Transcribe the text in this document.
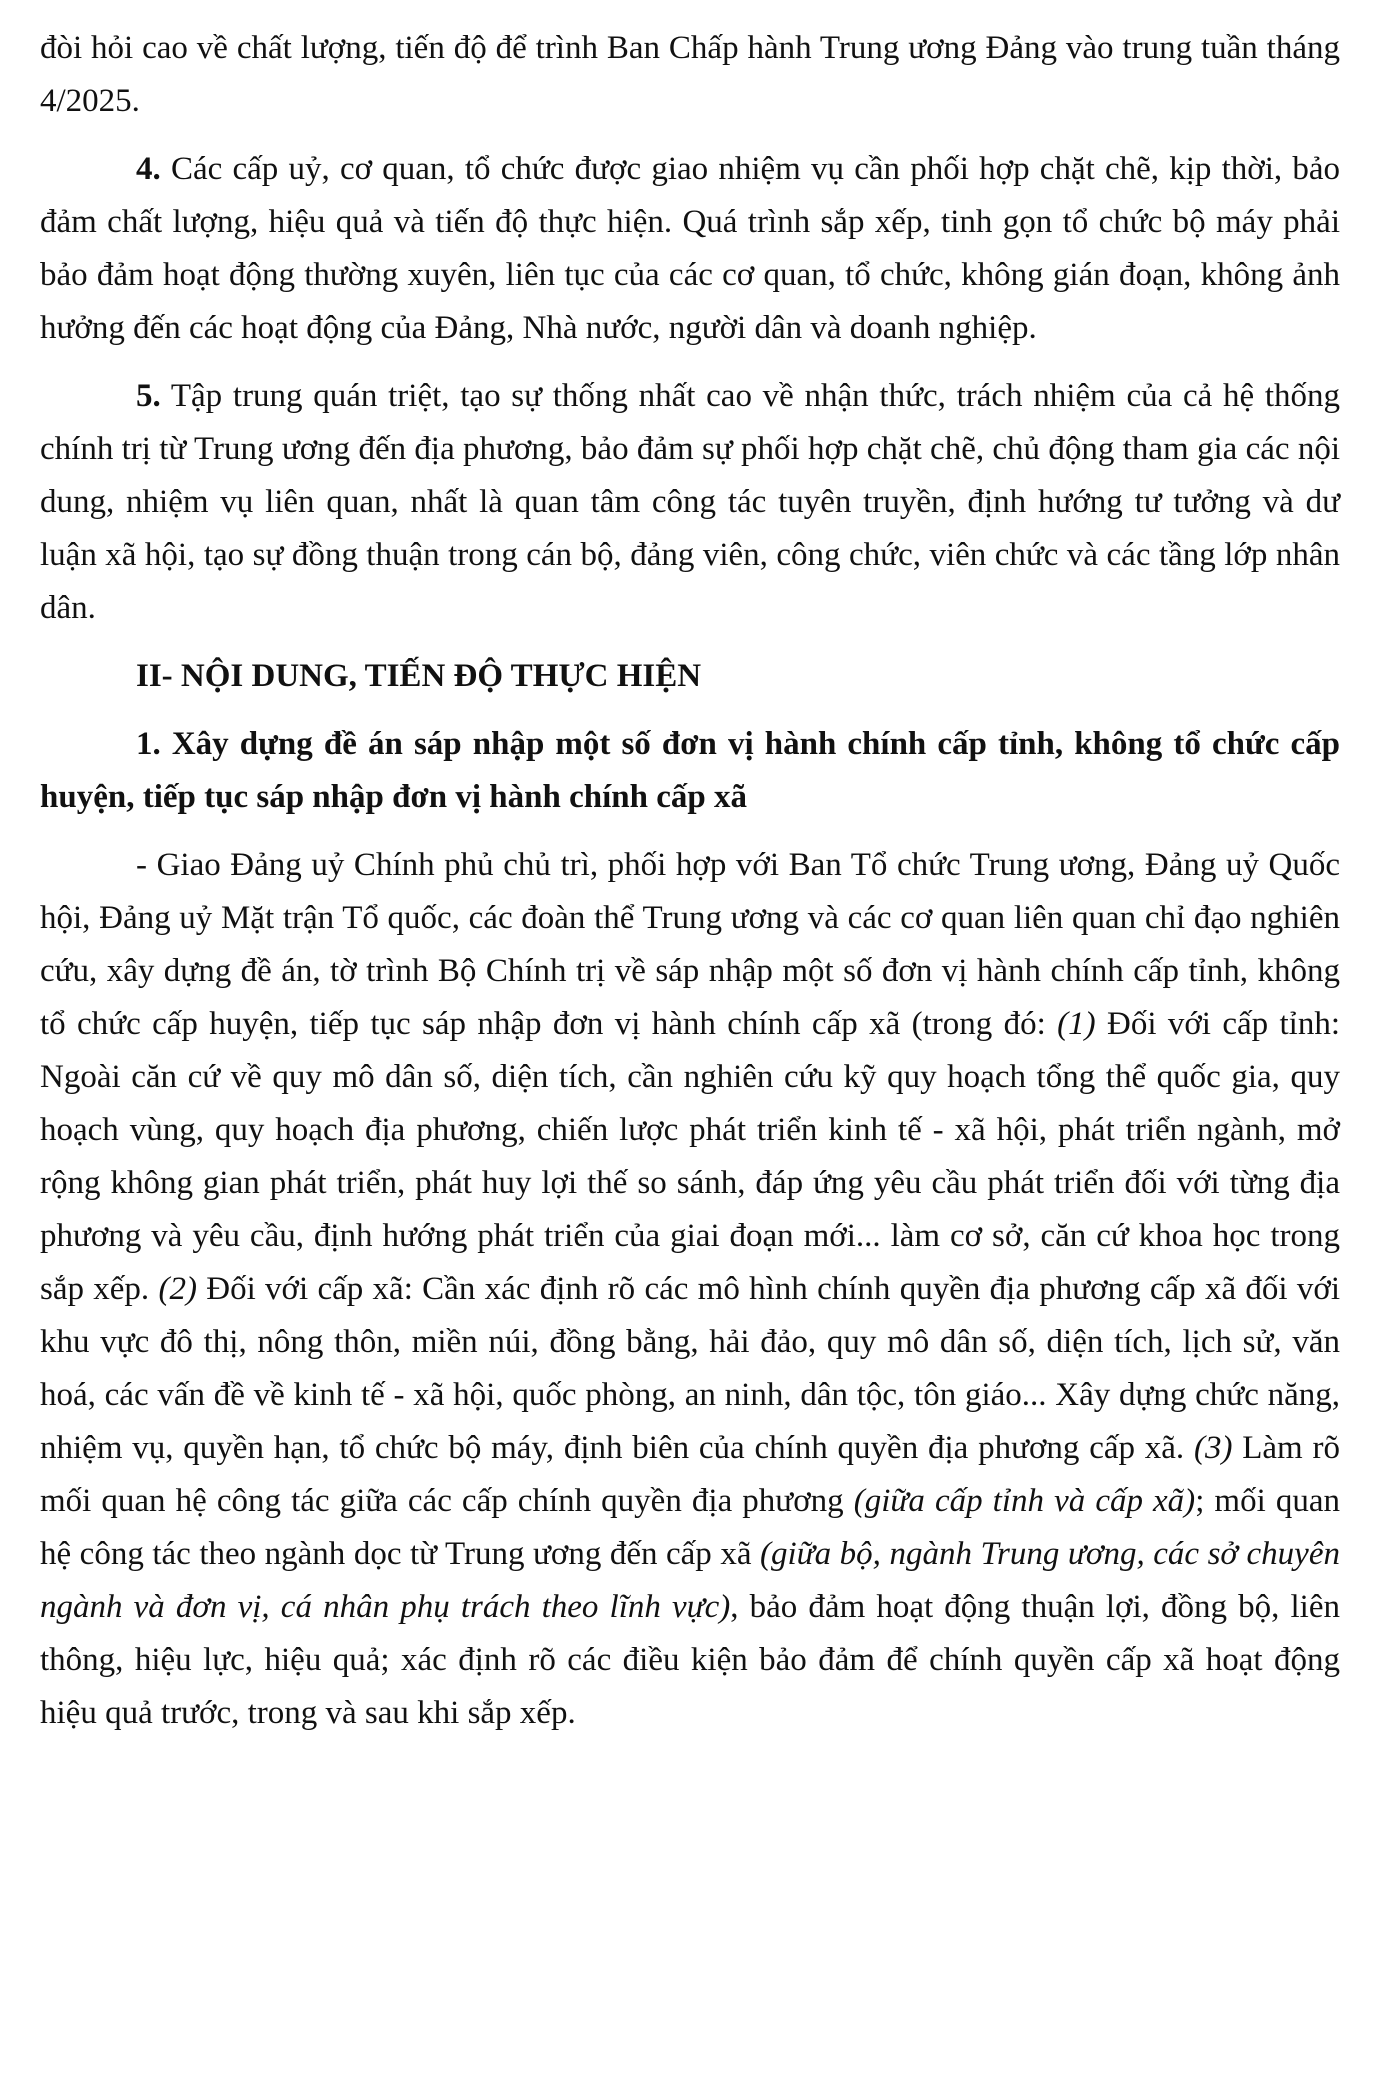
đòi hỏi cao về chất lượng, tiến độ để trình Ban Chấp hành Trung ương Đảng vào trung tuần tháng 4/2025.

4. Các cấp uỷ, cơ quan, tổ chức được giao nhiệm vụ cần phối hợp chặt chẽ, kịp thời, bảo đảm chất lượng, hiệu quả và tiến độ thực hiện. Quá trình sắp xếp, tinh gọn tổ chức bộ máy phải bảo đảm hoạt động thường xuyên, liên tục của các cơ quan, tổ chức, không gián đoạn, không ảnh hưởng đến các hoạt động của Đảng, Nhà nước, người dân và doanh nghiệp.

5. Tập trung quán triệt, tạo sự thống nhất cao về nhận thức, trách nhiệm của cả hệ thống chính trị từ Trung ương đến địa phương, bảo đảm sự phối hợp chặt chẽ, chủ động tham gia các nội dung, nhiệm vụ liên quan, nhất là quan tâm công tác tuyên truyền, định hướng tư tưởng và dư luận xã hội, tạo sự đồng thuận trong cán bộ, đảng viên, công chức, viên chức và các tầng lớp nhân dân.

II- NỘI DUNG, TIẾN ĐỘ THỰC HIỆN

1. Xây dựng đề án sáp nhập một số đơn vị hành chính cấp tỉnh, không tổ chức cấp huyện, tiếp tục sáp nhập đơn vị hành chính cấp xã

- Giao Đảng uỷ Chính phủ chủ trì, phối hợp với Ban Tổ chức Trung ương, Đảng uỷ Quốc hội, Đảng uỷ Mặt trận Tổ quốc, các đoàn thể Trung ương và các cơ quan liên quan chỉ đạo nghiên cứu, xây dựng đề án, tờ trình Bộ Chính trị về sáp nhập một số đơn vị hành chính cấp tỉnh, không tổ chức cấp huyện, tiếp tục sáp nhập đơn vị hành chính cấp xã (trong đó: (1) Đối với cấp tỉnh: Ngoài căn cứ về quy mô dân số, diện tích, cần nghiên cứu kỹ quy hoạch tổng thể quốc gia, quy hoạch vùng, quy hoạch địa phương, chiến lược phát triển kinh tế - xã hội, phát triển ngành, mở rộng không gian phát triển, phát huy lợi thế so sánh, đáp ứng yêu cầu phát triển đối với từng địa phương và yêu cầu, định hướng phát triển của giai đoạn mới... làm cơ sở, căn cứ khoa học trong sắp xếp. (2) Đối với cấp xã: Cần xác định rõ các mô hình chính quyền địa phương cấp xã đối với khu vực đô thị, nông thôn, miền núi, đồng bằng, hải đảo, quy mô dân số, diện tích, lịch sử, văn hoá, các vấn đề về kinh tế - xã hội, quốc phòng, an ninh, dân tộc, tôn giáo... Xây dựng chức năng, nhiệm vụ, quyền hạn, tổ chức bộ máy, định biên của chính quyền địa phương cấp xã. (3) Làm rõ mối quan hệ công tác giữa các cấp chính quyền địa phương (giữa cấp tỉnh và cấp xã); mối quan hệ công tác theo ngành dọc từ Trung ương đến cấp xã (giữa bộ, ngành Trung ương, các sở chuyên ngành và đơn vị, cá nhân phụ trách theo lĩnh vực), bảo đảm hoạt động thuận lợi, đồng bộ, liên thông, hiệu lực, hiệu quả; xác định rõ các điều kiện bảo đảm để chính quyền cấp xã hoạt động hiệu quả trước, trong và sau khi sắp xếp.
